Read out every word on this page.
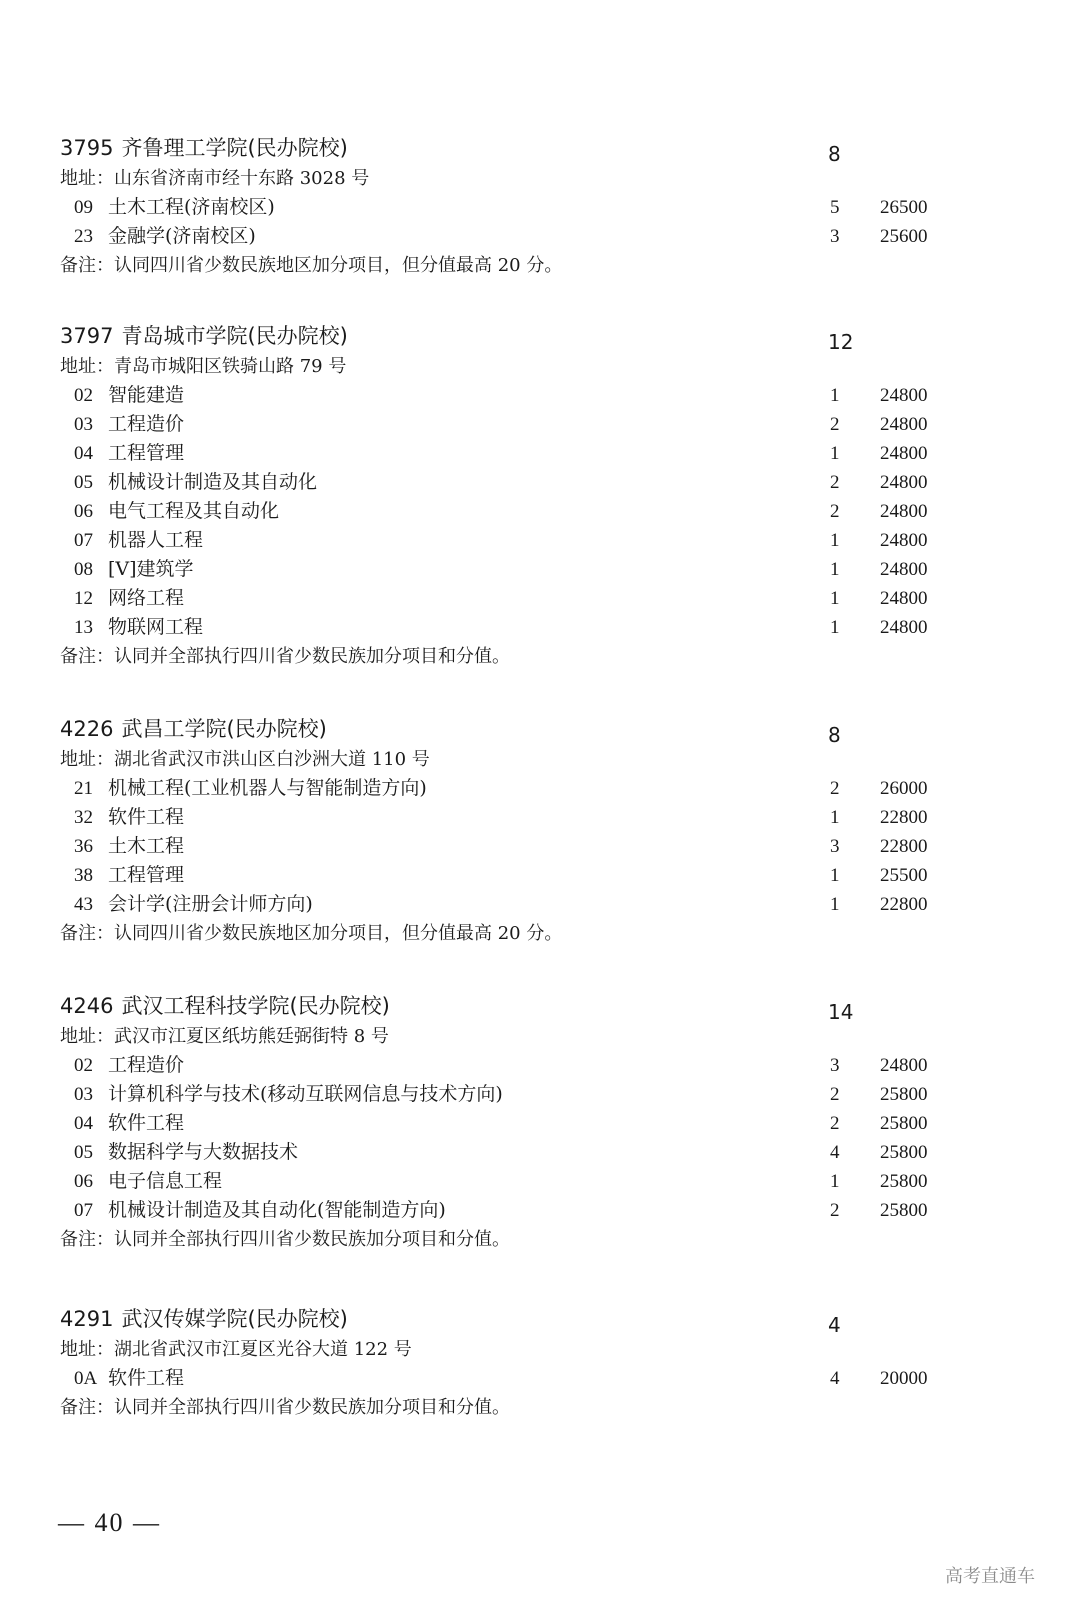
3795 齐鲁理工学院(民办院校)	8
地址：山东省济南市经十东路 3028 号
09 土木工程(济南校区)	5 26500
23 金融学(济南校区)	3 25600
备注：认同四川省少数民族地区加分项目，但分值最高 20 分。
3797 青岛城市学院(民办院校)	12
地址：青岛市城阳区铁骑山路 79 号
02 智能建造	1 24800
03 工程造价	2 24800
04 工程管理	1 24800
05 机械设计制造及其自动化	2 24800
06 电气工程及其自动化	2 24800
07 机器人工程	1 24800
08 [V]建筑学	1 24800
12 网络工程	1 24800
13 物联网工程	1 24800
备注：认同并全部执行四川省少数民族加分项目和分值。
4226 武昌工学院(民办院校)	8
地址：湖北省武汉市洪山区白沙洲大道 110 号
21 机械工程(工业机器人与智能制造方向)	2 26000
32 软件工程	1 22800
36 土木工程	3 22800
38 工程管理	1 25500
43 会计学(注册会计师方向)	1 22800
备注：认同四川省少数民族地区加分项目，但分值最高 20 分。
4246 武汉工程科技学院(民办院校)	14
地址：武汉市江夏区纸坊熊廷弼街特 8 号
02 工程造价	3 24800
03 计算机科学与技术(移动互联网信息与技术方向)	2 25800
04 软件工程	2 25800
05 数据科学与大数据技术	4 25800
06 电子信息工程	1 25800
07 机械设计制造及其自动化(智能制造方向)	2 25800
备注：认同并全部执行四川省少数民族加分项目和分值。
4291 武汉传媒学院(民办院校)	4
地址：湖北省武汉市江夏区光谷大道 122 号
0A 软件工程	4 20000
备注：认同并全部执行四川省少数民族加分项目和分值。
— 40 —
高考直通车
